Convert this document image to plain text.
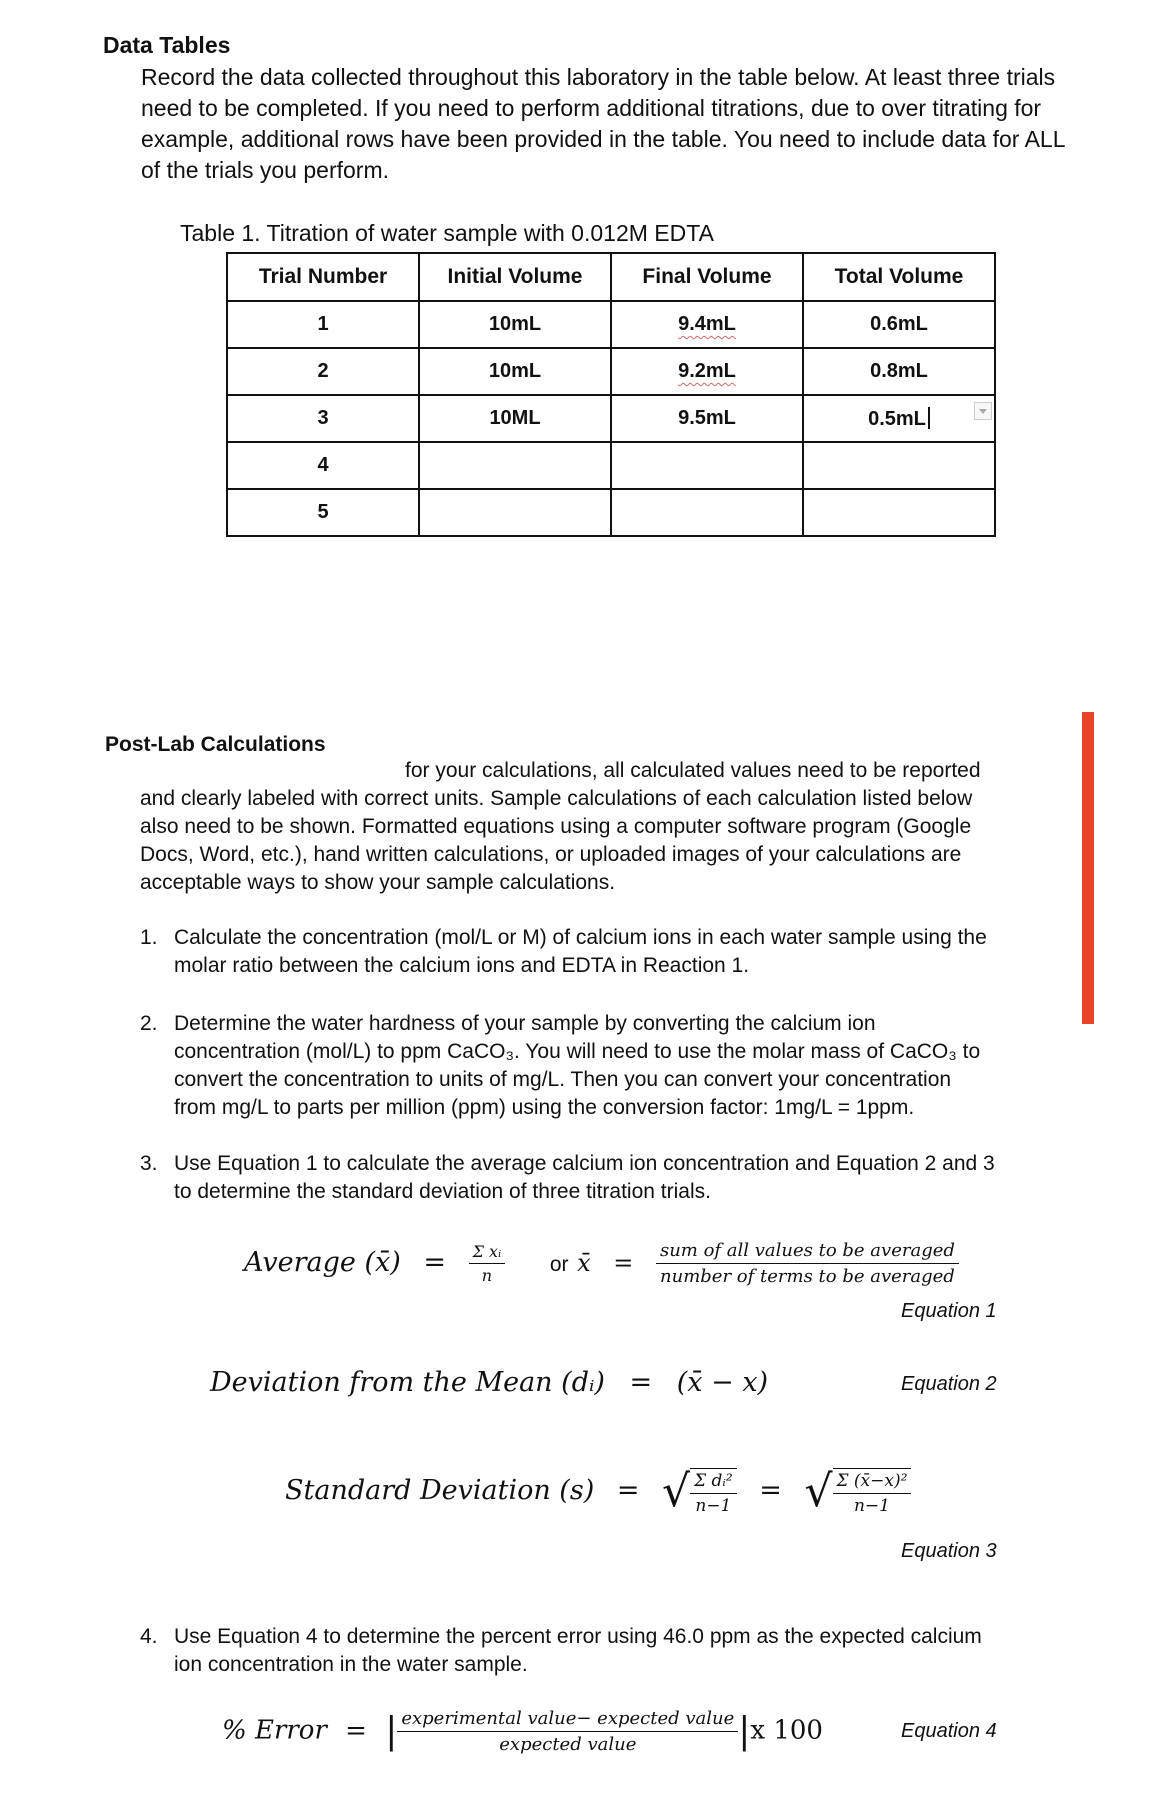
Data Tables
Record the data collected throughout this laboratory in the table below. At least three trials
need to be completed. If you need to perform additional titrations, due to over titrating for
example, additional rows have been provided in the table. You need to include data for ALL
of the trials you perform.
Table 1. Titration of water sample with 0.012M EDTA
Trial Number	Initial Volume	Final Volume	Total Volume
1	10mL	9.4mL	0.6mL
2	10mL	9.2mL	0.8mL
3	10ML	9.5mL	0.5mL

4			
5			
Post-Lab Calculations
for your calculations, all calculated values need to be reported
and clearly labeled with correct units. Sample calculations of each calculation listed below
also need to be shown. Formatted equations using a computer software program (Google
Docs, Word, etc.), hand written calculations, or uploaded images of your calculations are
acceptable ways to show your sample calculations.
1. Calculate the concentration (mol/L or M) of calcium ions in each water sample using the
molar ratio between the calcium ions and EDTA in Reaction 1.
2. Determine the water hardness of your sample by converting the calcium ion
concentration (mol/L) to ppm CaCO₃. You will need to use the molar mass of CaCO₃ to
convert the concentration to units of mg/L. Then you can convert your concentration
from mg/L to parts per million (ppm) using the conversion factor: 1mg/L = 1ppm.
3. Use Equation 1 to calculate the average calcium ion concentration and Equation 2 and 3
to determine the standard deviation of three titration trials.
Average (x̄) = $\frac{\text{Σ xᵢ}}{n}$ or x̄ = $\frac{\text{sum of all values to be averaged}}{\text{number of terms to be averaged}}$
Equation 1
Deviation from the Mean (dᵢ) = (x̄ − x)	Equation 2
Standard Deviation (s) = √ $\frac{\text{Σ dᵢ²}}{n-1}$ = √ $\frac{\text{Σ (x̄−x)²}}{n-1}$
Equation 3
4. Use Equation 4 to determine the percent error using 46.0 ppm as the expected calcium
ion concentration in the water sample.
% Error = | $\frac{\text{experimental value− expected value}}{\text{expected value}} |x$ 100	Equation 4
